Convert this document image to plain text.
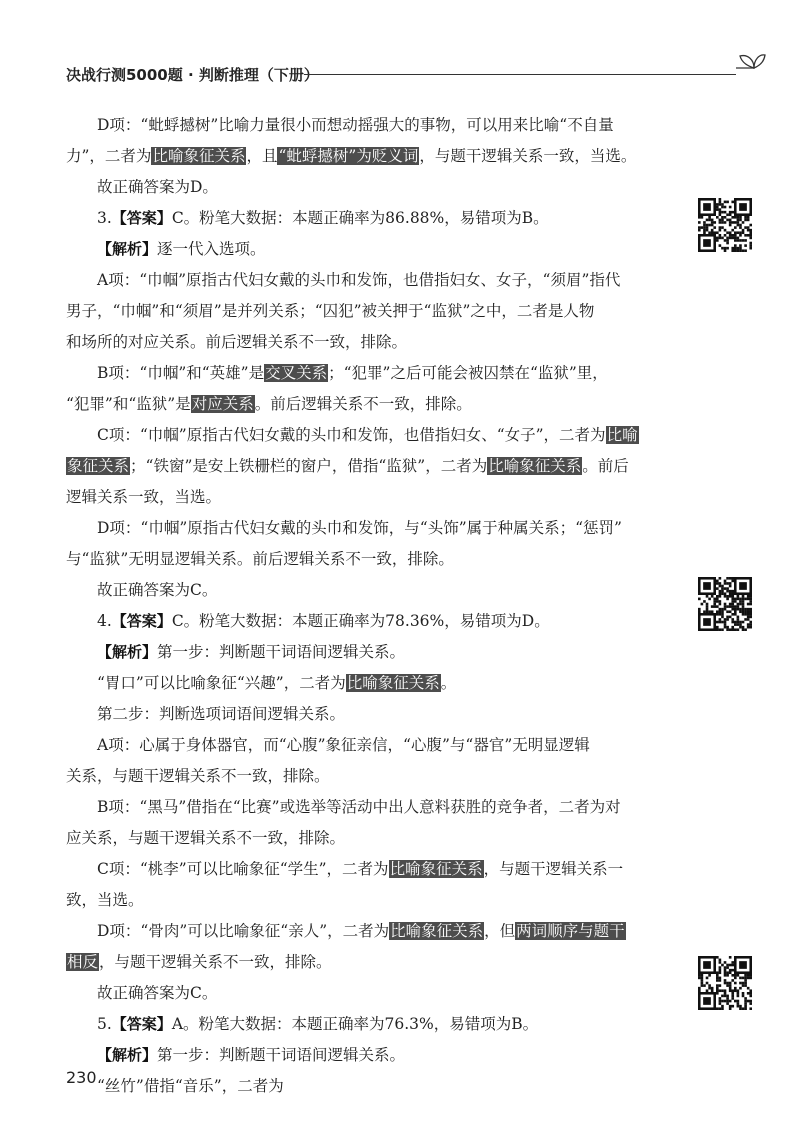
决战行测5000题 · 判断推理（下册）
D项：“蚍蜉撼树”比喻力量很小而想动摇强大的事物，可以用来比喻“不自量
力”，二者为比喻象征关系，且“蚍蜉撼树”为贬义词，与题干逻辑关系一致，当选。
故正确答案为D。
3.【答案】C。粉笔大数据：本题正确率为86.88%，易错项为B。
【解析】逐一代入选项。
A项：“巾帼”原指古代妇女戴的头巾和发饰，也借指妇女、女子，“须眉”指代
男子，“巾帼”和“须眉”是并列关系；“囚犯”被关押于“监狱”之中，二者是人物
和场所的对应关系。前后逻辑关系不一致，排除。
B项：“巾帼”和“英雄”是交叉关系；“犯罪”之后可能会被囚禁在“监狱”里，
“犯罪”和“监狱”是对应关系。前后逻辑关系不一致，排除。
C项：“巾帼”原指古代妇女戴的头巾和发饰，也借指妇女、“女子”，二者为比喻
象征关系；“铁窗”是安上铁栅栏的窗户，借指“监狱”，二者为比喻象征关系。前后
逻辑关系一致，当选。
D项：“巾帼”原指古代妇女戴的头巾和发饰，与“头饰”属于种属关系；“惩罚”
与“监狱”无明显逻辑关系。前后逻辑关系不一致，排除。
故正确答案为C。
4.【答案】C。粉笔大数据：本题正确率为78.36%，易错项为D。
【解析】第一步：判断题干词语间逻辑关系。
“胃口”可以比喻象征“兴趣”，二者为比喻象征关系。
第二步：判断选项词语间逻辑关系。
A项：心属于身体器官，而“心腹”象征亲信，“心腹”与“器官”无明显逻辑
关系，与题干逻辑关系不一致，排除。
B项：“黑马”借指在“比赛”或选举等活动中出人意料获胜的竞争者，二者为对
应关系，与题干逻辑关系不一致，排除。
C项：“桃李”可以比喻象征“学生”，二者为比喻象征关系，与题干逻辑关系一
致，当选。
D项：“骨肉”可以比喻象征“亲人”，二者为比喻象征关系，但两词顺序与题干
相反，与题干逻辑关系不一致，排除。
故正确答案为C。
5.【答案】A。粉笔大数据：本题正确率为76.3%，易错项为B。
【解析】第一步：判断题干词语间逻辑关系。
“丝竹”借指“音乐”，二者为
230
